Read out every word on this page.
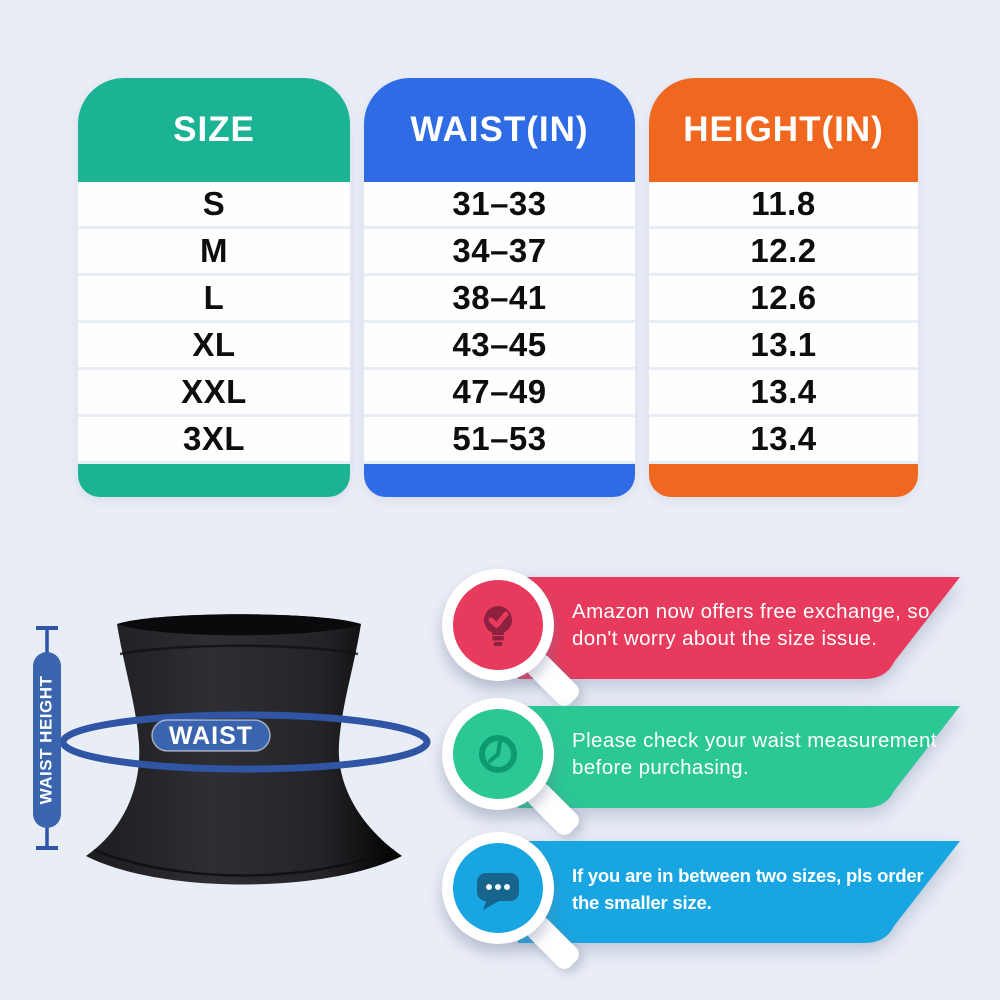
SIZE
S
M
L
XL
XXL
3XL
WAIST(IN)
31–33
34–37
38–41
43–45
47–49
51–53
HEIGHT(IN)
11.8
12.2
12.6
13.1
13.4
13.4
WAIST
WAIST HEIGHT
Amazon now offers free exchange, so
don't worry about the size issue.
Please check your waist measurement
before purchasing.
If you are in between two sizes, pls order
the smaller size.
